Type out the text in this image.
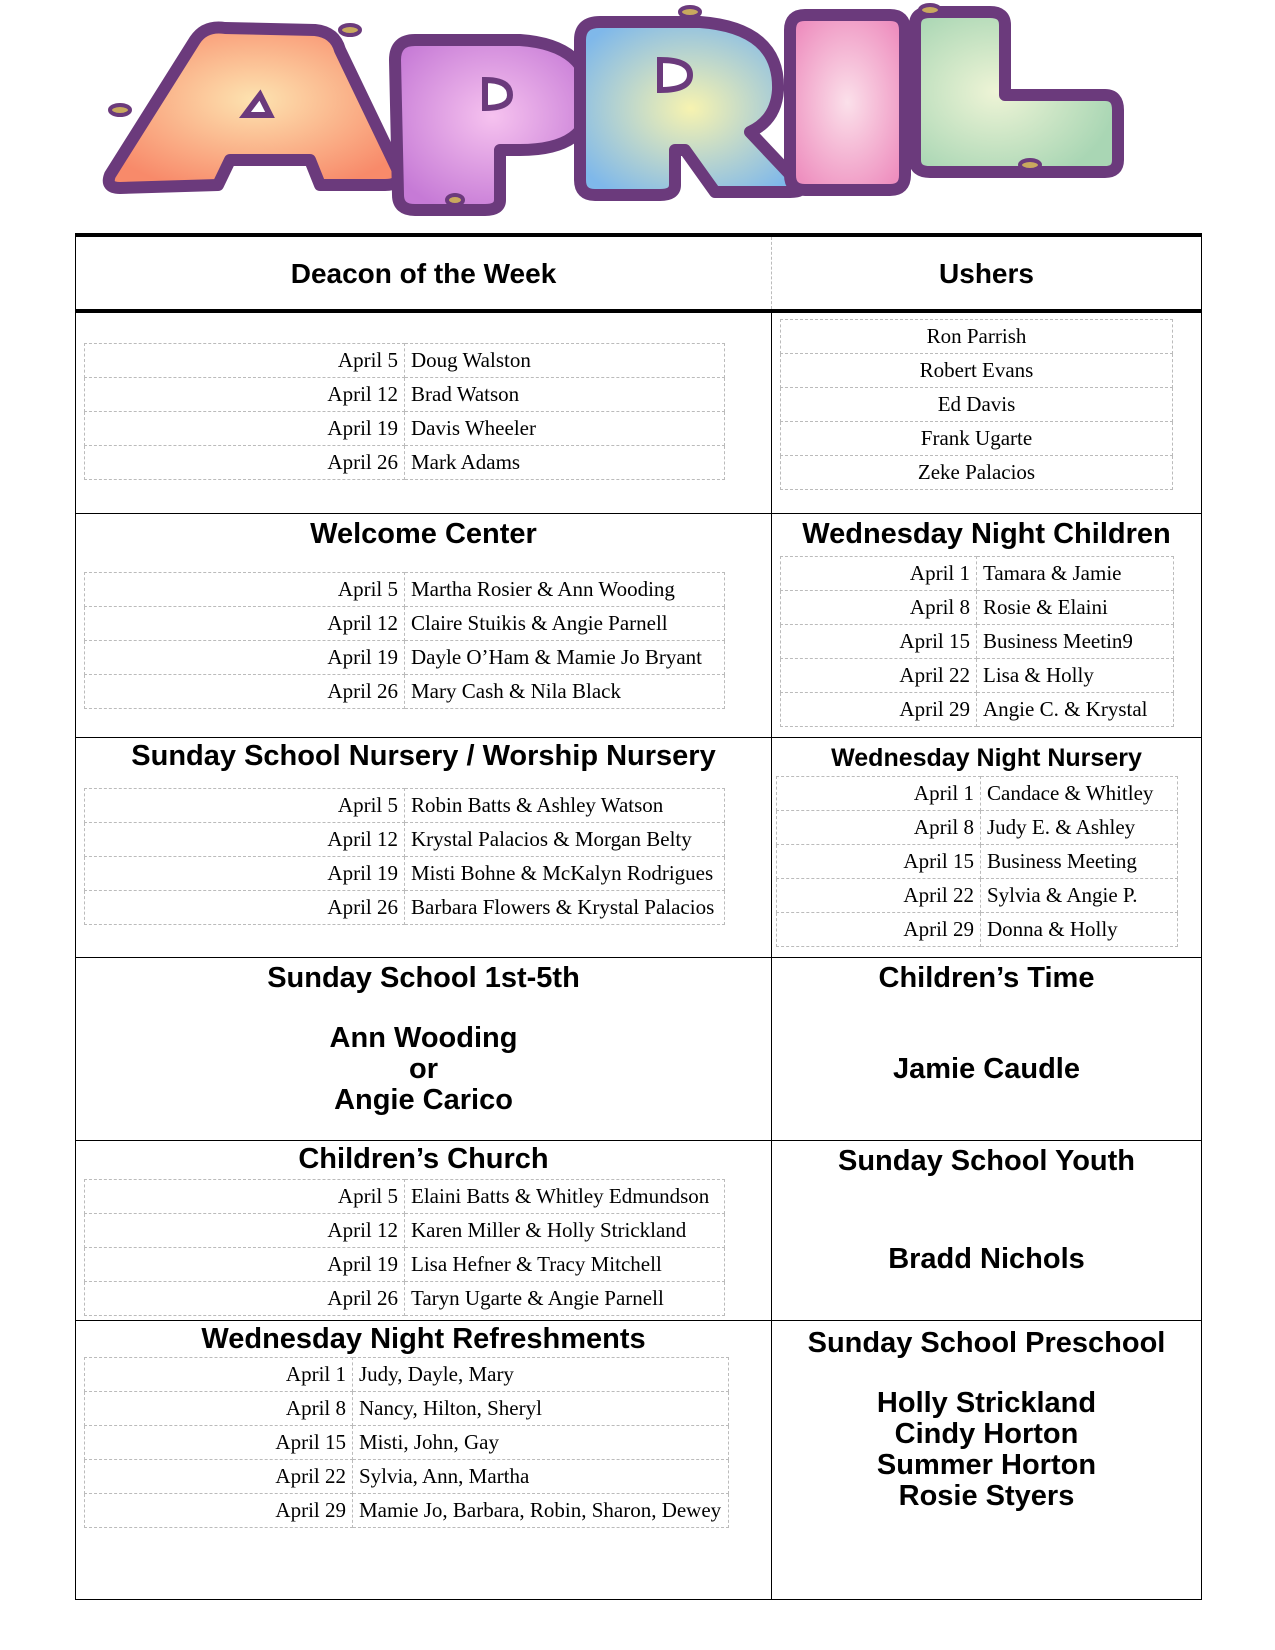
Deacon of the Week	Ushers
April 5	Doug Walston
April 12	Brad Watson
April 19	Davis Wheeler
April 26	Mark Adams
Ron Parrish
Robert Evans
Ed Davis
Frank Ugarte
Zeke Palacios
Welcome Center
April 5	Martha Rosier & Ann Wooding
April 12	Claire Stuikis & Angie Parnell
April 19	Dayle O’Ham & Mamie Jo Bryant
April 26	Mary Cash & Nila Black
Wednesday Night Children
April 1	Tamara & Jamie
April 8	Rosie & Elaini
April 15	Business Meetin9
April 22	Lisa & Holly
April 29	Angie C. & Krystal
Sunday School Nursery / Worship Nursery
April 5	Robin Batts & Ashley Watson
April 12	Krystal Palacios & Morgan Belty
April 19	Misti Bohne & McKalyn Rodrigues
April 26	Barbara Flowers & Krystal Palacios
Wednesday Night Nursery
April 1	Candace & Whitley
April 8	Judy E. & Ashley
April 15	Business Meeting
April 22	Sylvia & Angie P.
April 29	Donna & Holly
Sunday School 1st-5th
Ann Wooding
or
Angie Carico
Children’s Time
Jamie Caudle
Children’s Church
April 5	Elaini Batts & Whitley Edmundson
April 12	Karen Miller & Holly Strickland
April 19	Lisa Hefner & Tracy Mitchell
April 26	Taryn Ugarte & Angie Parnell
Sunday School Youth
Bradd Nichols
Wednesday Night Refreshments
April 1	Judy, Dayle, Mary
April 8	Nancy, Hilton, Sheryl
April 15	Misti, John, Gay
April 22	Sylvia, Ann, Martha
April 29	Mamie Jo, Barbara, Robin, Sharon, Dewey
Sunday School Preschool
Holly Strickland
Cindy Horton
Summer Horton
Rosie Styers
